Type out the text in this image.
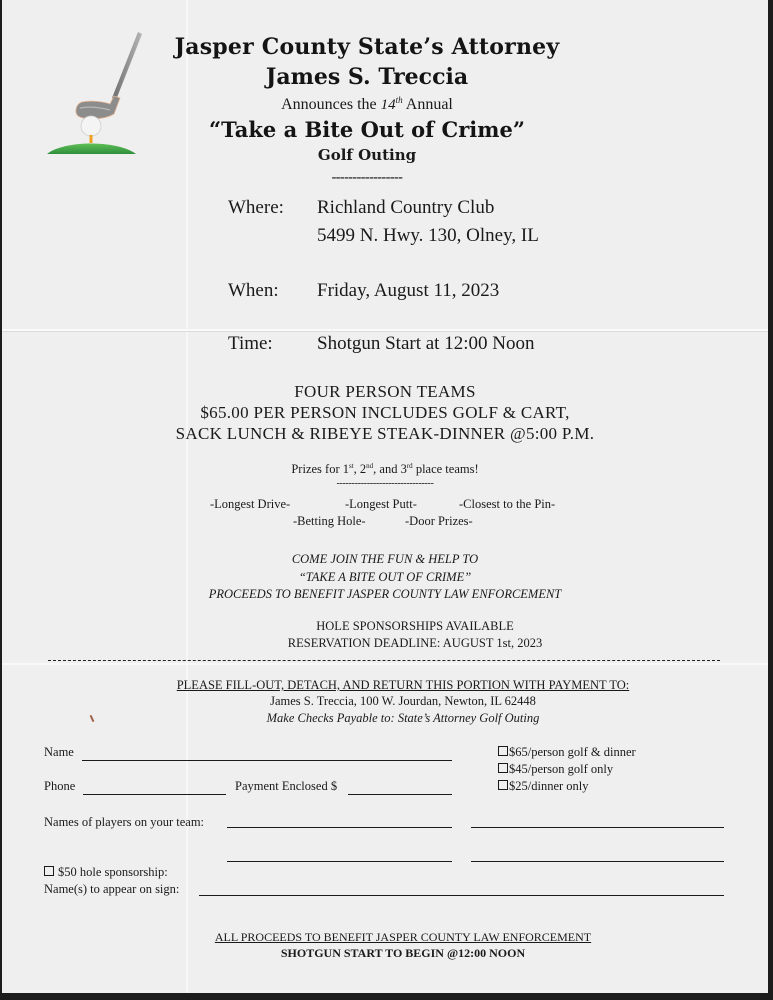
Jasper County State’s Attorney
James S. Treccia
Announces the 14th Annual
“Take a Bite Out of Crime”
Golf Outing
-----------------
Where: Richland Country Club
5499 N. Hwy. 130, Olney, IL
When: Friday, August 11, 2023
Time: Shotgun Start at 12:00 Noon
FOUR PERSON TEAMS
$65.00 PER PERSON INCLUDES GOLF & CART,
SACK LUNCH & RIBEYE STEAK-DINNER @5:00 P.M.
Prizes for 1st, 2nd, and 3rd place teams!
--------------------------------
-Longest Drive-	-Longest Putt-	-Closest to the Pin-
-Betting Hole-	-Door Prizes-
COME JOIN THE FUN & HELP TO
“TAKE A BITE OUT OF CRIME”
PROCEEDS TO BENEFIT JASPER COUNTY LAW ENFORCEMENT
HOLE SPONSORSHIPS AVAILABLE
RESERVATION DEADLINE: AUGUST 1st, 2023
PLEASE FILL-OUT, DETACH, AND RETURN THIS PORTION WITH PAYMENT TO:
James S. Treccia, 100 W. Jourdan, Newton, IL 62448
Make Checks Payable to: State’s Attorney Golf Outing
Name
Phone	Payment Enclosed $
$65/person golf & dinner
$45/person golf only
$25/dinner only
Names of players on your team:
$50 hole sponsorship:
Name(s) to appear on sign:
ALL PROCEEDS TO BENEFIT JASPER COUNTY LAW ENFORCEMENT
SHOTGUN START TO BEGIN @12:00 NOON
